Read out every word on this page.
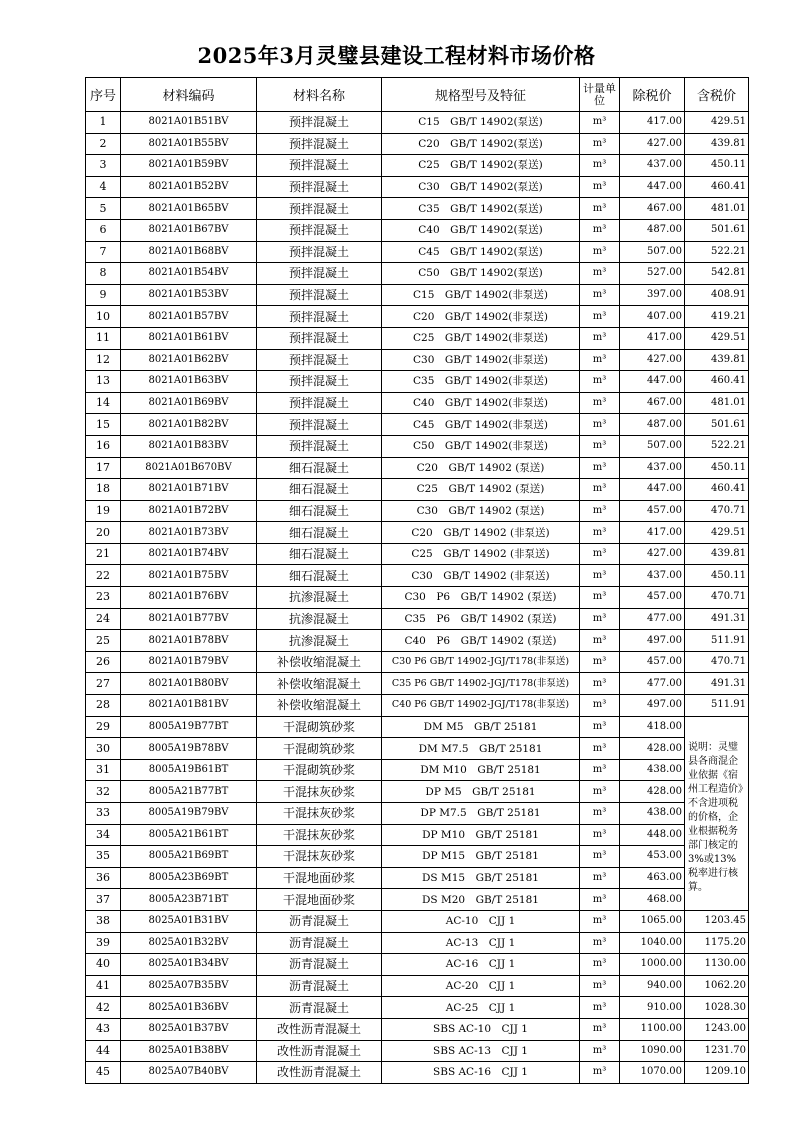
2025年3月灵璧县建设工程材料市场价格
序号	材料编码	材料名称	规格型号及特征	计量单位	除税价	含税价
1	8021A01B51BV	预拌混凝土	C15　GB/T 14902(泵送)	m³	417.00	429.51
2	8021A01B55BV	预拌混凝土	C20　GB/T 14902(泵送)	m³	427.00	439.81
3	8021A01B59BV	预拌混凝土	C25　GB/T 14902(泵送)	m³	437.00	450.11
4	8021A01B52BV	预拌混凝土	C30　GB/T 14902(泵送)	m³	447.00	460.41
5	8021A01B65BV	预拌混凝土	C35　GB/T 14902(泵送)	m³	467.00	481.01
6	8021A01B67BV	预拌混凝土	C40　GB/T 14902(泵送)	m³	487.00	501.61
7	8021A01B68BV	预拌混凝土	C45　GB/T 14902(泵送)	m³	507.00	522.21
8	8021A01B54BV	预拌混凝土	C50　GB/T 14902(泵送)	m³	527.00	542.81
9	8021A01B53BV	预拌混凝土	C15　GB/T 14902(非泵送)	m³	397.00	408.91
10	8021A01B57BV	预拌混凝土	C20　GB/T 14902(非泵送)	m³	407.00	419.21
11	8021A01B61BV	预拌混凝土	C25　GB/T 14902(非泵送)	m³	417.00	429.51
12	8021A01B62BV	预拌混凝土	C30　GB/T 14902(非泵送)	m³	427.00	439.81
13	8021A01B63BV	预拌混凝土	C35　GB/T 14902(非泵送)	m³	447.00	460.41
14	8021A01B69BV	预拌混凝土	C40　GB/T 14902(非泵送)	m³	467.00	481.01
15	8021A01B82BV	预拌混凝土	C45　GB/T 14902(非泵送)	m³	487.00	501.61
16	8021A01B83BV	预拌混凝土	C50　GB/T 14902(非泵送)	m³	507.00	522.21
17	8021A01B670BV	细石混凝土	C20　GB/T 14902 (泵送)	m³	437.00	450.11
18	8021A01B71BV	细石混凝土	C25　GB/T 14902 (泵送)	m³	447.00	460.41
19	8021A01B72BV	细石混凝土	C30　GB/T 14902 (泵送)	m³	457.00	470.71
20	8021A01B73BV	细石混凝土	C20　GB/T 14902 (非泵送)	m³	417.00	429.51
21	8021A01B74BV	细石混凝土	C25　GB/T 14902 (非泵送)	m³	427.00	439.81
22	8021A01B75BV	细石混凝土	C30　GB/T 14902 (非泵送)	m³	437.00	450.11
23	8021A01B76BV	抗渗混凝土	C30　P6　GB/T 14902 (泵送)	m³	457.00	470.71
24	8021A01B77BV	抗渗混凝土	C35　P6　GB/T 14902 (泵送)	m³	477.00	491.31
25	8021A01B78BV	抗渗混凝土	C40　P6　GB/T 14902 (泵送)	m³	497.00	511.91
26	8021A01B79BV	补偿收缩混凝土	C30 P6 GB/T 14902-JGJ/T178(非泵送)	m³	457.00	470.71
27	8021A01B80BV	补偿收缩混凝土	C35 P6 GB/T 14902-JGJ/T178(非泵送)	m³	477.00	491.31
28	8021A01B81BV	补偿收缩混凝土	C40 P6 GB/T 14902-JGJ/T178(非泵送)	m³	497.00	511.91
29	8005A19B77BT	干混砌筑砂浆	DM M5　GB/T 25181	m³	418.00	说明：灵璧县各商混企业依据《宿州工程造价》不含进项税的价格，企业根据税务部门核定的3%或13%税率进行核算。
30	8005A19B78BV	干混砌筑砂浆	DM M7.5　GB/T 25181	m³	428.00	
31	8005A19B61BT	干混砌筑砂浆	DM M10　GB/T 25181	m³	438.00	
32	8005A21B77BT	干混抹灰砂浆	DP M5　GB/T 25181	m³	428.00	
33	8005A19B79BV	干混抹灰砂浆	DP M7.5　GB/T 25181	m³	438.00	
34	8005A21B61BT	干混抹灰砂浆	DP M10　GB/T 25181	m³	448.00	
35	8005A21B69BT	干混抹灰砂浆	DP M15　GB/T 25181	m³	453.00	
36	8005A23B69BT	干混地面砂浆	DS M15　GB/T 25181	m³	463.00	
37	8005A23B71BT	干混地面砂浆	DS M20　GB/T 25181	m³	468.00	
38	8025A01B31BV	沥青混凝土	AC-10　CJJ 1	m³	1065.00	1203.45
39	8025A01B32BV	沥青混凝土	AC-13　CJJ 1	m³	1040.00	1175.20
40	8025A01B34BV	沥青混凝土	AC-16　CJJ 1	m³	1000.00	1130.00
41	8025A07B35BV	沥青混凝土	AC-20　CJJ 1	m³	940.00	1062.20
42	8025A01B36BV	沥青混凝土	AC-25　CJJ 1	m³	910.00	1028.30
43	8025A01B37BV	改性沥青混凝土	SBS AC-10　CJJ 1	m³	1100.00	1243.00
44	8025A01B38BV	改性沥青混凝土	SBS AC-13　CJJ 1	m³	1090.00	1231.70
45	8025A07B40BV	改性沥青混凝土	SBS AC-16　CJJ 1	m³	1070.00	1209.10
